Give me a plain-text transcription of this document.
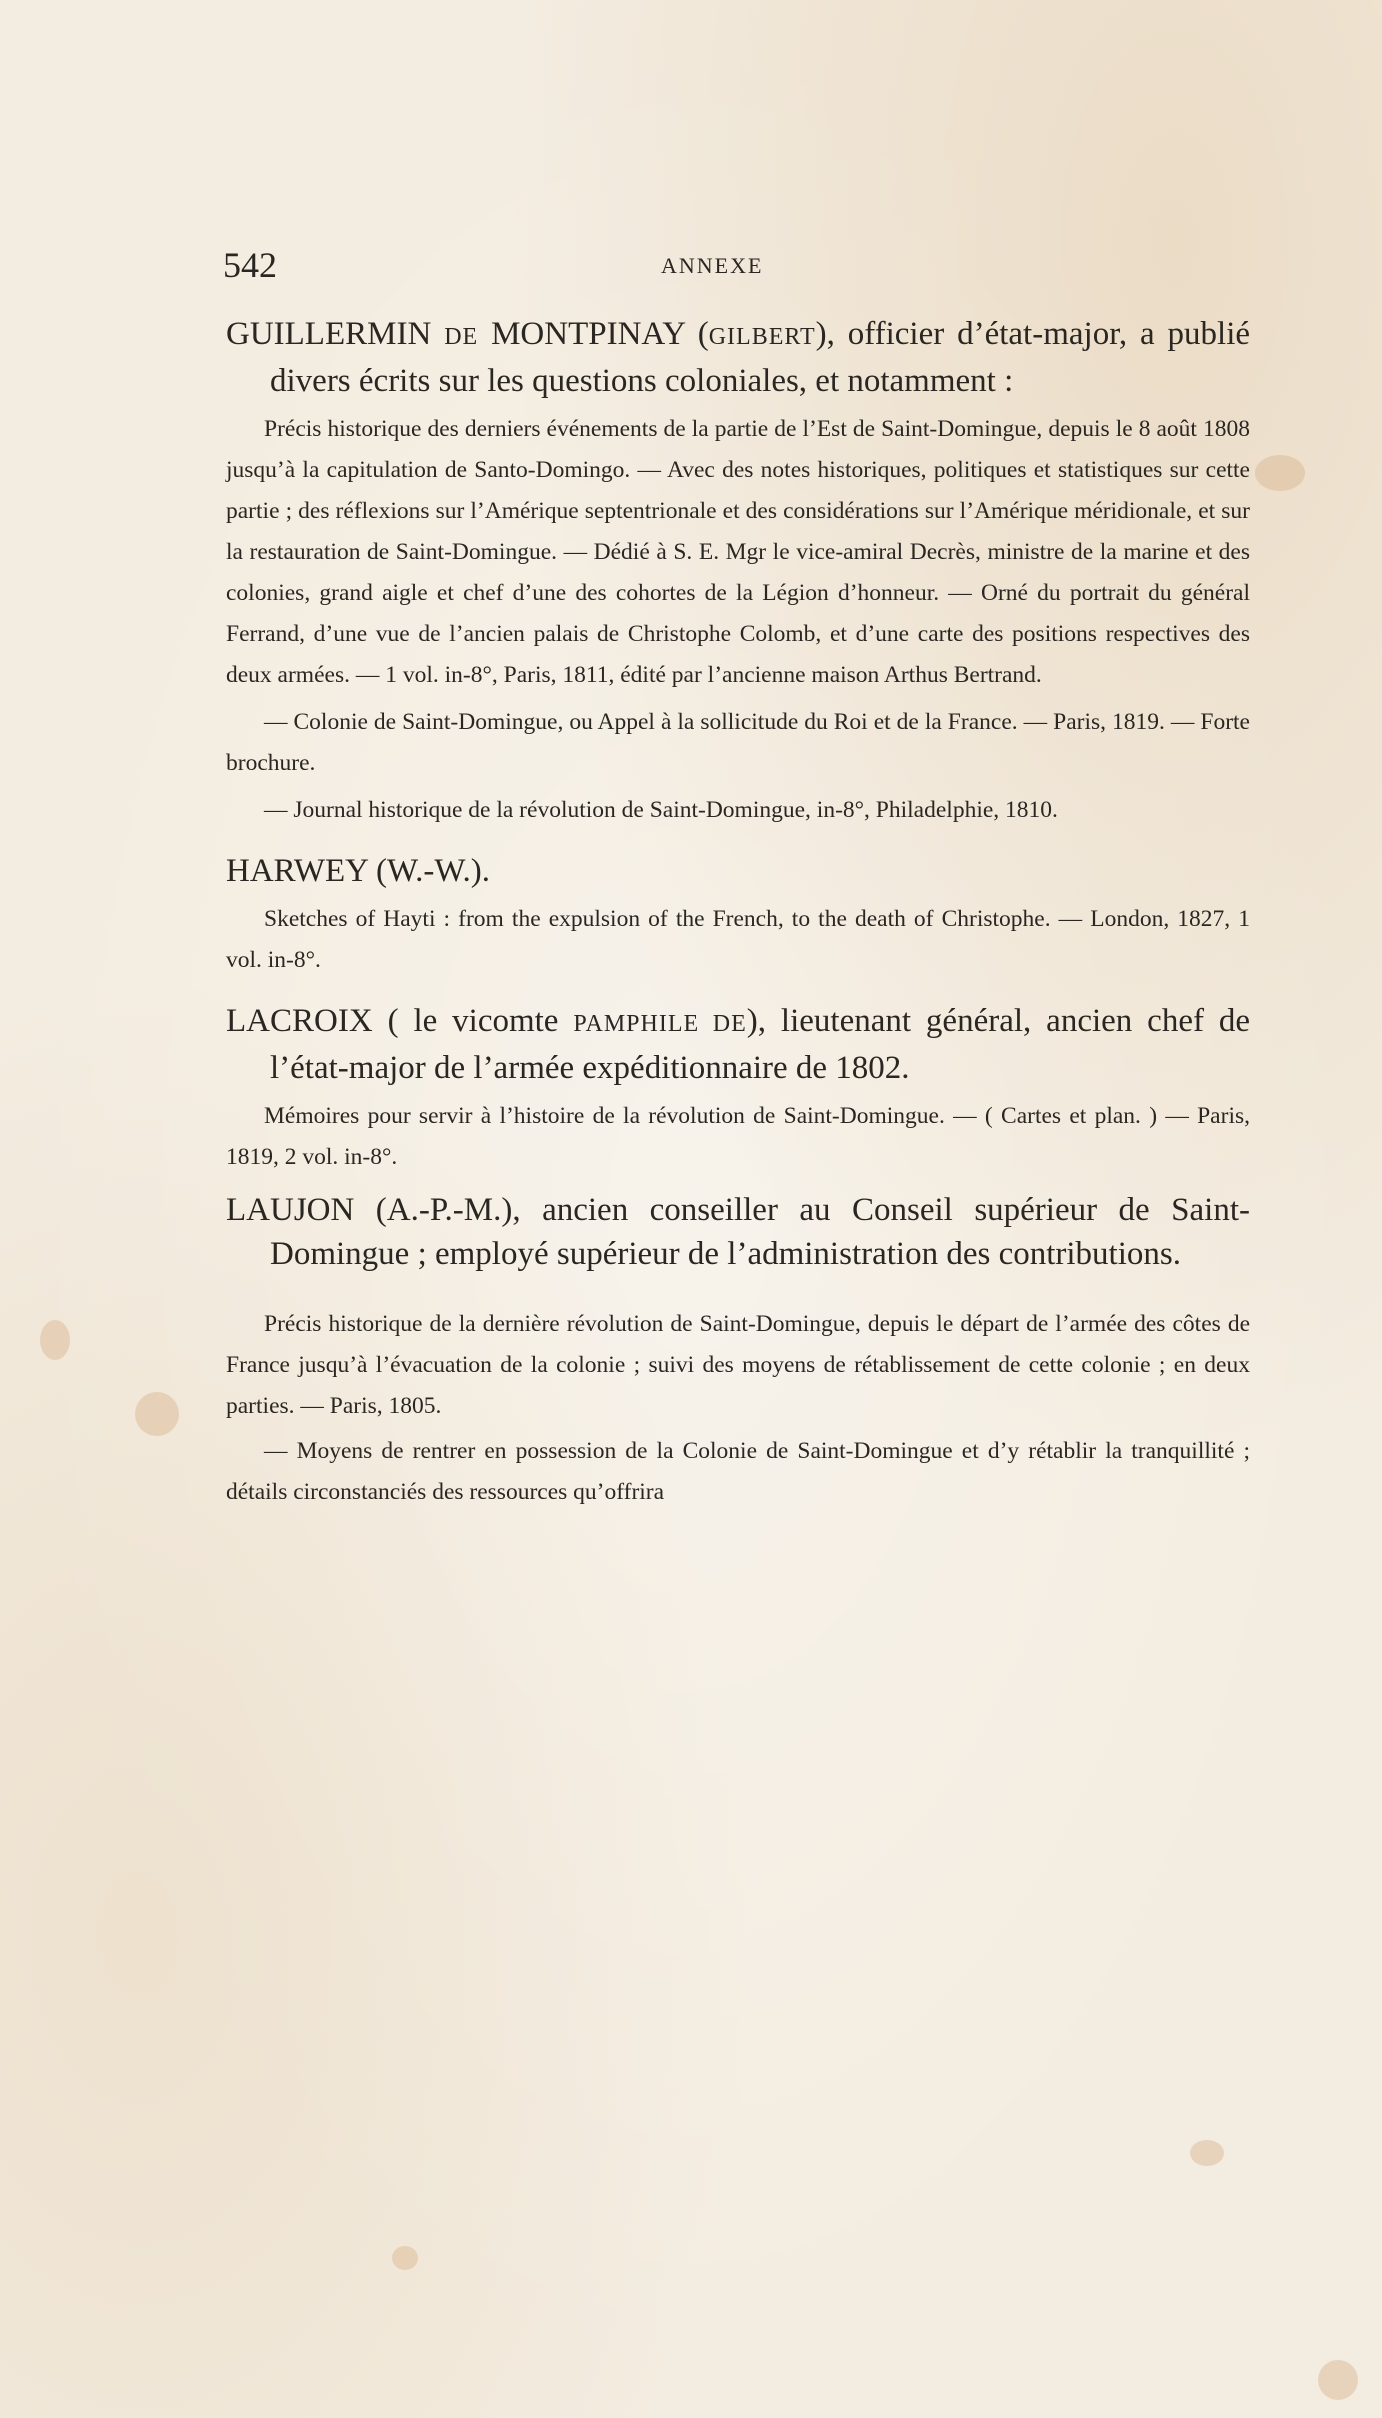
542	ANNEXE

GUILLERMIN DE MONTPINAY (GILBERT), officier d’état-major, a publié divers écrits sur les questions coloniales, et notamment :

Précis historique des derniers événements de la partie de l’Est de Saint-Domingue, depuis le 8 août 1808 jusqu’à la capitulation de Santo-Domingo. — Avec des notes historiques, politiques et statistiques sur cette partie ; des réflexions sur l’Amérique septentrionale et des considérations sur l’Amérique méridionale, et sur la restauration de Saint-Domingue. — Dédié à S. E. Mgr le vice-amiral Decrès, ministre de la marine et des colonies, grand aigle et chef d’une des cohortes de la Légion d’honneur. — Orné du portrait du général Ferrand, d’une vue de l’ancien palais de Christophe Colomb, et d’une carte des positions respectives des deux armées. — 1 vol. in-8°, Paris, 1811, édité par l’ancienne maison Arthus Bertrand.

— Colonie de Saint-Domingue, ou Appel à la sollicitude du Roi et de la France. — Paris, 1819. — Forte brochure.

— Journal historique de la révolution de Saint-Domingue, in-8°, Philadelphie, 1810.

HARWEY (W.-W.).

Sketches of Hayti : from the expulsion of the French, to the death of Christophe. — London, 1827, 1 vol. in-8°.

LACROIX ( le vicomte PAMPHILE DE), lieutenant général, ancien chef de l’état-major de l’armée expéditionnaire de 1802.

Mémoires pour servir à l’histoire de la révolution de Saint-Domingue. — ( Cartes et plan. ) — Paris, 1819, 2 vol. in-8°.

LAUJON (A.-P.-M.), ancien conseiller au Conseil supérieur de Saint-Domingue ; employé supérieur de l’administration des contributions.

Précis historique de la dernière révolution de Saint-Domingue, depuis le départ de l’armée des côtes de France jusqu’à l’évacuation de la colonie ; suivi des moyens de rétablissement de cette colonie ; en deux parties. — Paris, 1805.

— Moyens de rentrer en possession de la Colonie de Saint-Domingue et d’y rétablir la tranquillité ; détails circonstanciés des ressources qu’offrira
